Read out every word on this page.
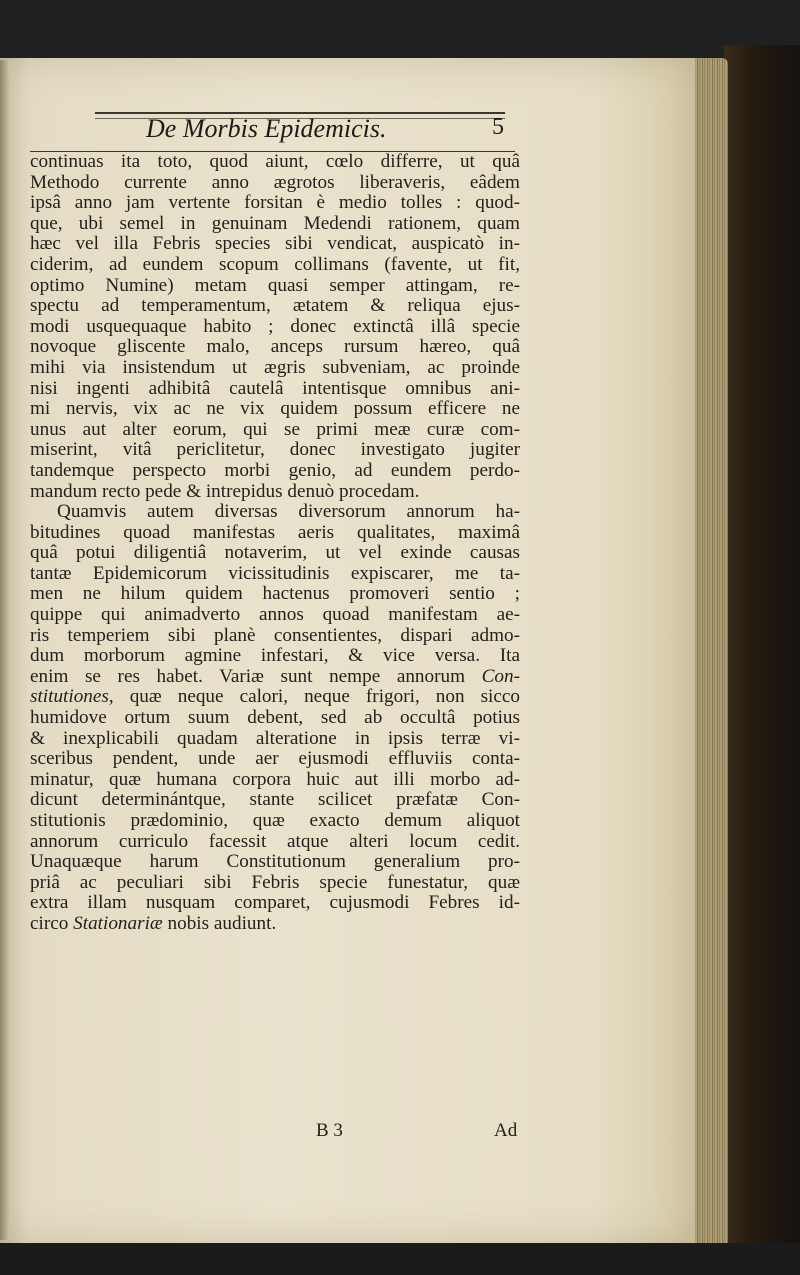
De Morbis Epidemicis.	5
continuas ita toto, quod aiunt, cœlo differre, ut quâ
Methodo currente anno ægrotos liberaveris, eâdem
ipsâ anno jam vertente forsitan è medio tolles : quod-
que, ubi semel in genuinam Medendi rationem, quam
hæc vel illa Febris species sibi vendicat, auspicatò in-
ciderim, ad eundem scopum collimans (favente, ut fit,
optimo Numine) metam quasi semper attingam, re-
spectu ad temperamentum, ætatem & reliqua ejus-
modi usquequaque habito ; donec extinctâ illâ specie
novoque gliscente malo, anceps rursum hæreo, quâ
mihi via insistendum ut ægris subveniam, ac proinde
nisi ingenti adhibitâ cautelâ intentisque omnibus ani-
mi nervis, vix ac ne vix quidem possum efficere ne
unus aut alter eorum, qui se primi meæ curæ com-
miserint, vitâ periclitetur, donec investigato jugiter
tandemque perspecto morbi genio, ad eundem perdo-
mandum recto pede & intrepidus denuò procedam.
Quamvis autem diversas diversorum annorum ha-
bitudines quoad manifestas aeris qualitates, maximâ
quâ potui diligentiâ notaverim, ut vel exinde causas
tantæ Epidemicorum vicissitudinis expiscarer, me ta-
men ne hilum quidem hactenus promoveri sentio ;
quippe qui animadverto annos quoad manifestam ae-
ris temperiem sibi planè consentientes, dispari admo-
dum morborum agmine infestari, & vice versa. Ita
enim se res habet. Variæ sunt nempe annorum Con-
stitutiones, quæ neque calori, neque frigori, non sicco
humidove ortum suum debent, sed ab occultâ potius
& inexplicabili quadam alteratione in ipsis terræ vi-
sceribus pendent, unde aer ejusmodi effluviis conta-
minatur, quæ humana corpora huic aut illi morbo ad-
dicunt determinántque, stante scilicet præfatæ Con-
stitutionis prædominio, quæ exacto demum aliquot
annorum curriculo facessit atque alteri locum cedit.
Unaquæque harum Constitutionum generalium pro-
priâ ac peculiari sibi Febris specie funestatur, quæ
extra illam nusquam comparet, cujusmodi Febres id-
circo Stationariæ nobis audiunt.
B 3	Ad
